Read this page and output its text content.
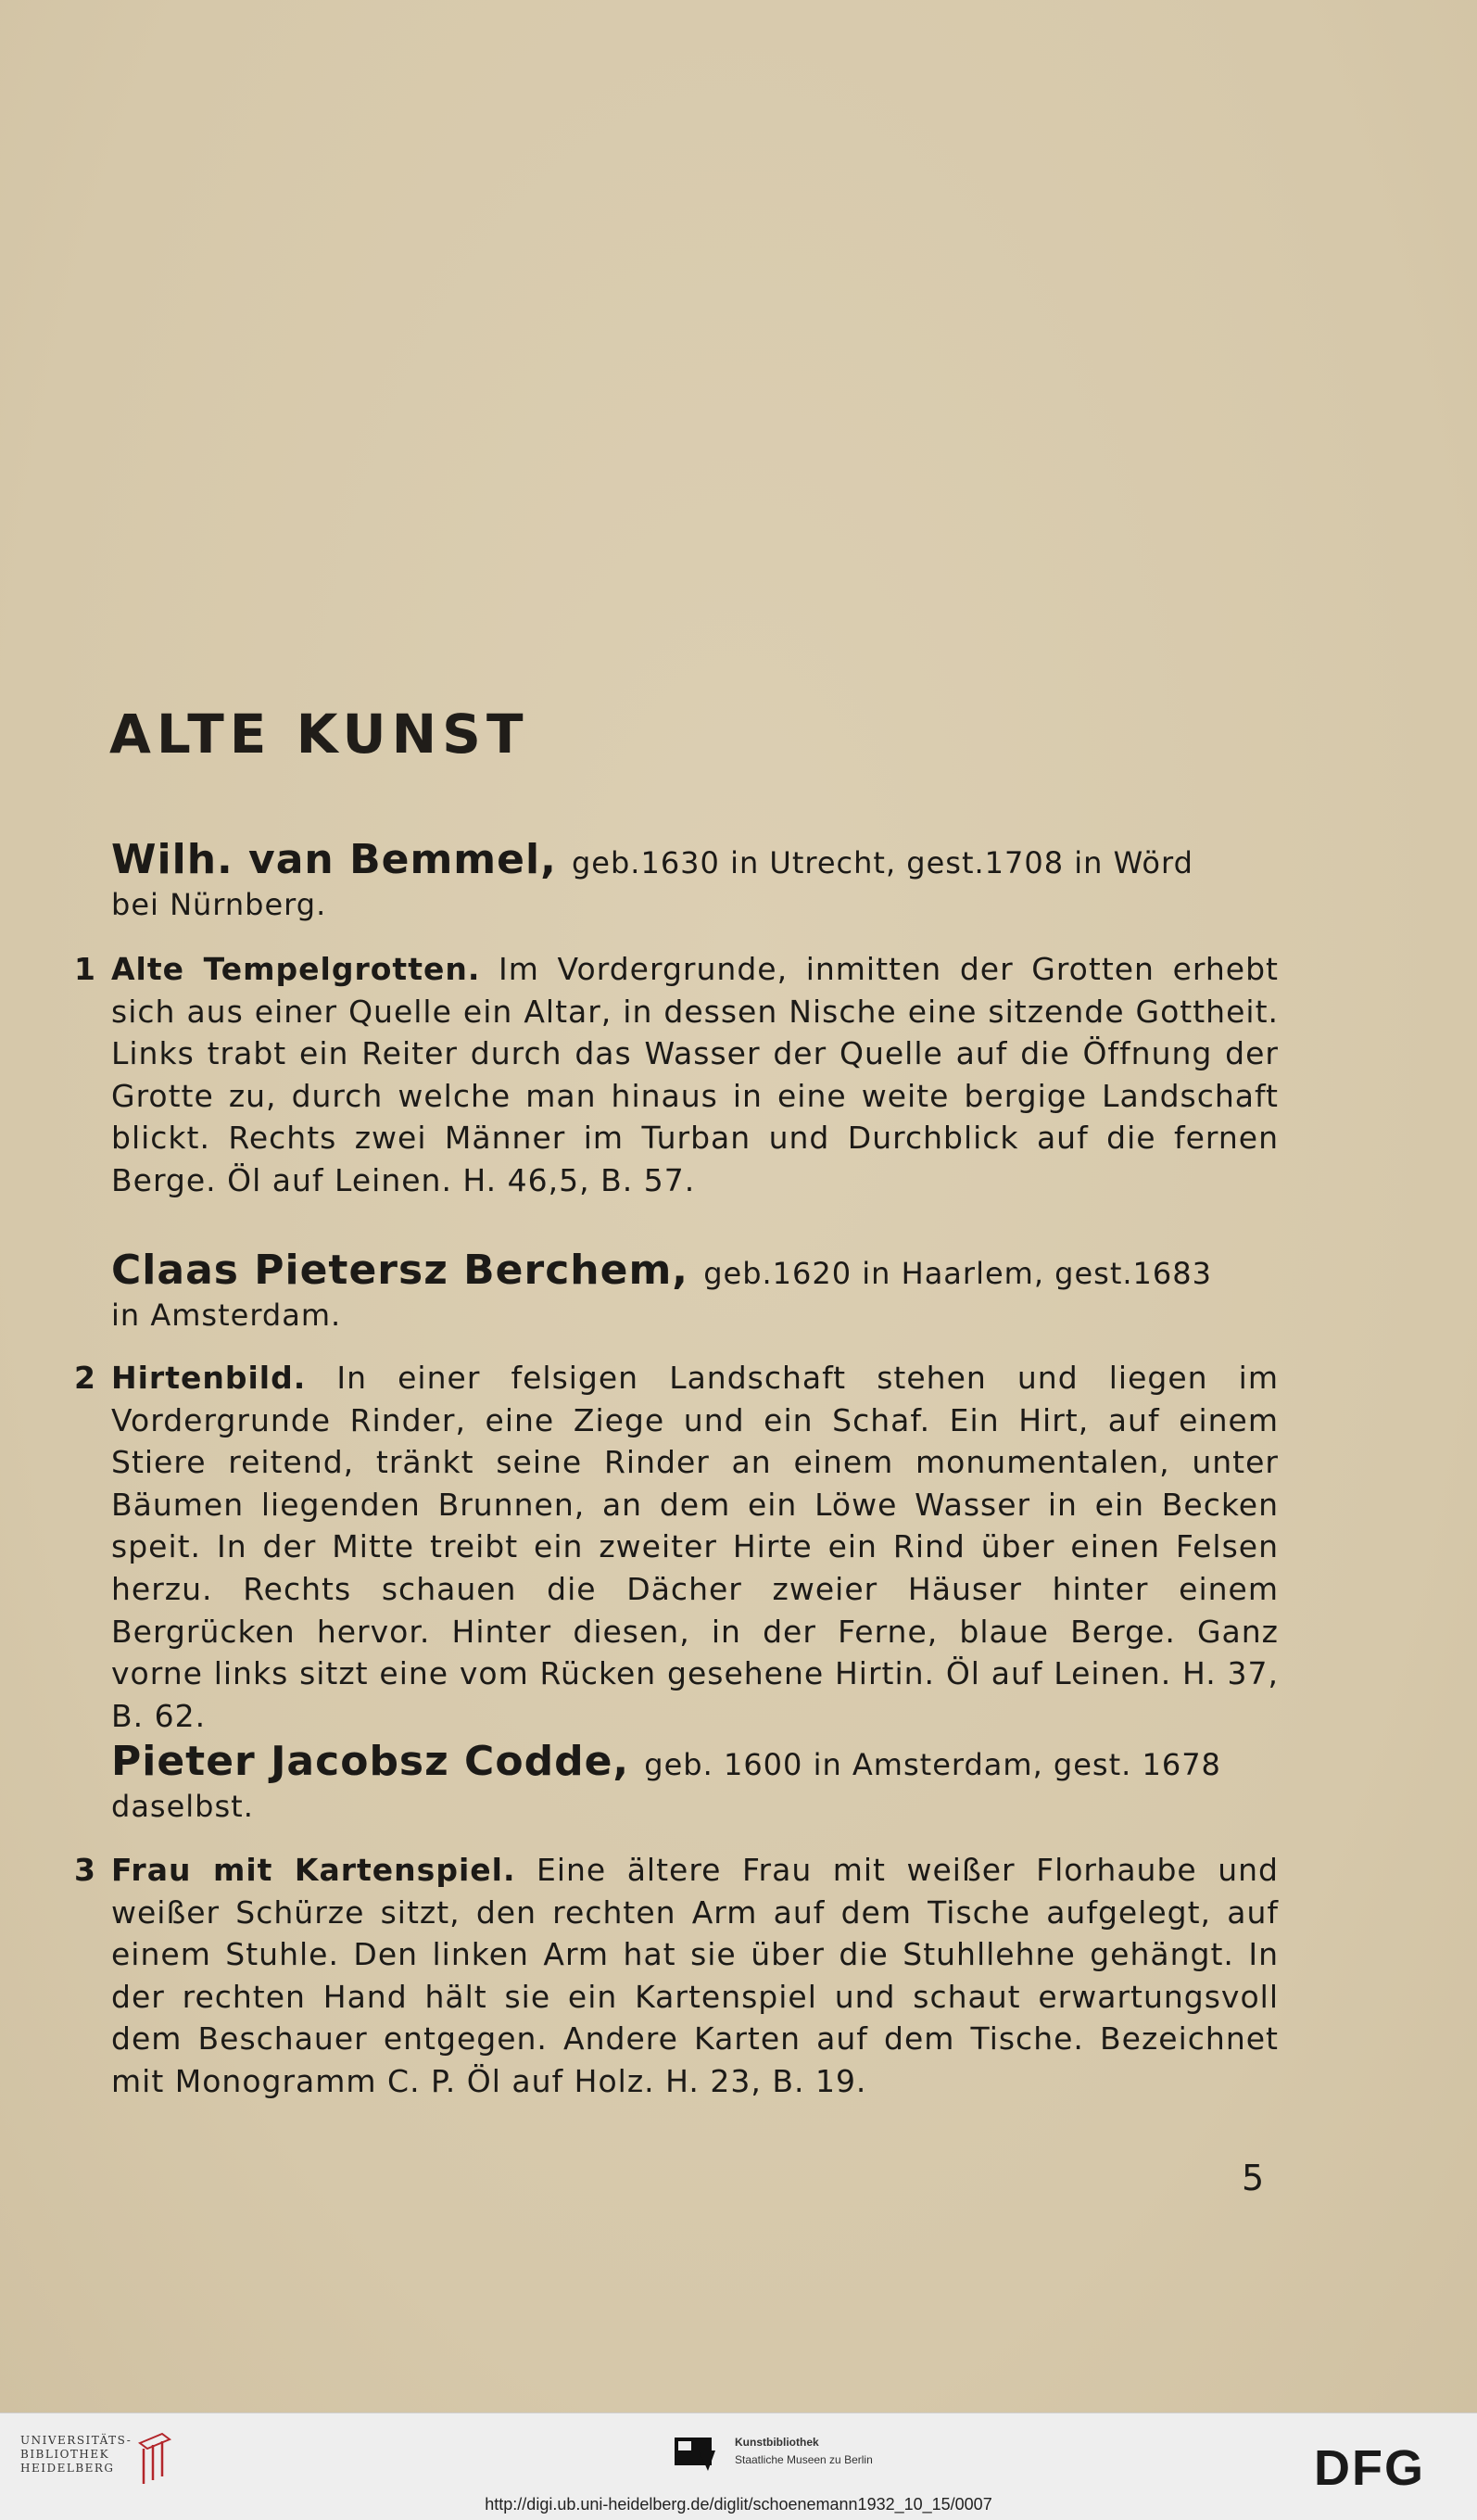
ALTE KUNST

Wilh. van Bemmel, geb.1630 in Utrecht, gest.1708 in Wörd
bei Nürnberg.

1 Alte Tempelgrotten. Im Vordergrunde, inmitten der Grotten erhebt sich aus einer Quelle ein Altar, in dessen Nische eine sitzende Gottheit. Links trabt ein Reiter durch das Wasser der Quelle auf die Öffnung der Grotte zu, durch welche man hinaus in eine weite bergige Landschaft blickt. Rechts zwei Männer im Turban und Durchblick auf die fernen Berge. Öl auf Leinen. H. 46,5, B. 57.

Claas Pietersz Berchem, geb.1620 in Haarlem, gest.1683
in Amsterdam.

2 Hirtenbild. In einer felsigen Landschaft stehen und liegen im Vordergrunde Rinder, eine Ziege und ein Schaf. Ein Hirt, auf einem Stiere reitend, tränkt seine Rinder an einem monumentalen, unter Bäumen liegenden Brunnen, an dem ein Löwe Wasser in ein Becken speit. In der Mitte treibt ein zweiter Hirte ein Rind über einen Felsen herzu. Rechts schauen die Dächer zweier Häuser hinter einem Bergrücken hervor. Hinter diesen, in der Ferne, blaue Berge. Ganz vorne links sitzt eine vom Rücken gesehene Hirtin. Öl auf Leinen. H. 37, B. 62.

Pieter Jacobsz Codde, geb. 1600 in Amsterdam, gest. 1678
daselbst.

3 Frau mit Kartenspiel. Eine ältere Frau mit weißer Florhaube und weißer Schürze sitzt, den rechten Arm auf dem Tische aufgelegt, auf einem Stuhle. Den linken Arm hat sie über die Stuhllehne gehängt. In der rechten Hand hält sie ein Kartenspiel und schaut erwartungsvoll dem Beschauer entgegen. Andere Karten auf dem Tische. Bezeichnet mit Monogramm C. P. Öl auf Holz. H. 23, B. 19.

5

UNIVERSITÄTS-
BIBLIOTHEK
HEIDELBERG
Kunstbibliothek
Staatliche Museen zu Berlin	DFG
http://digi.ub.uni-heidelberg.de/diglit/schoenemann1932_10_15/0007
